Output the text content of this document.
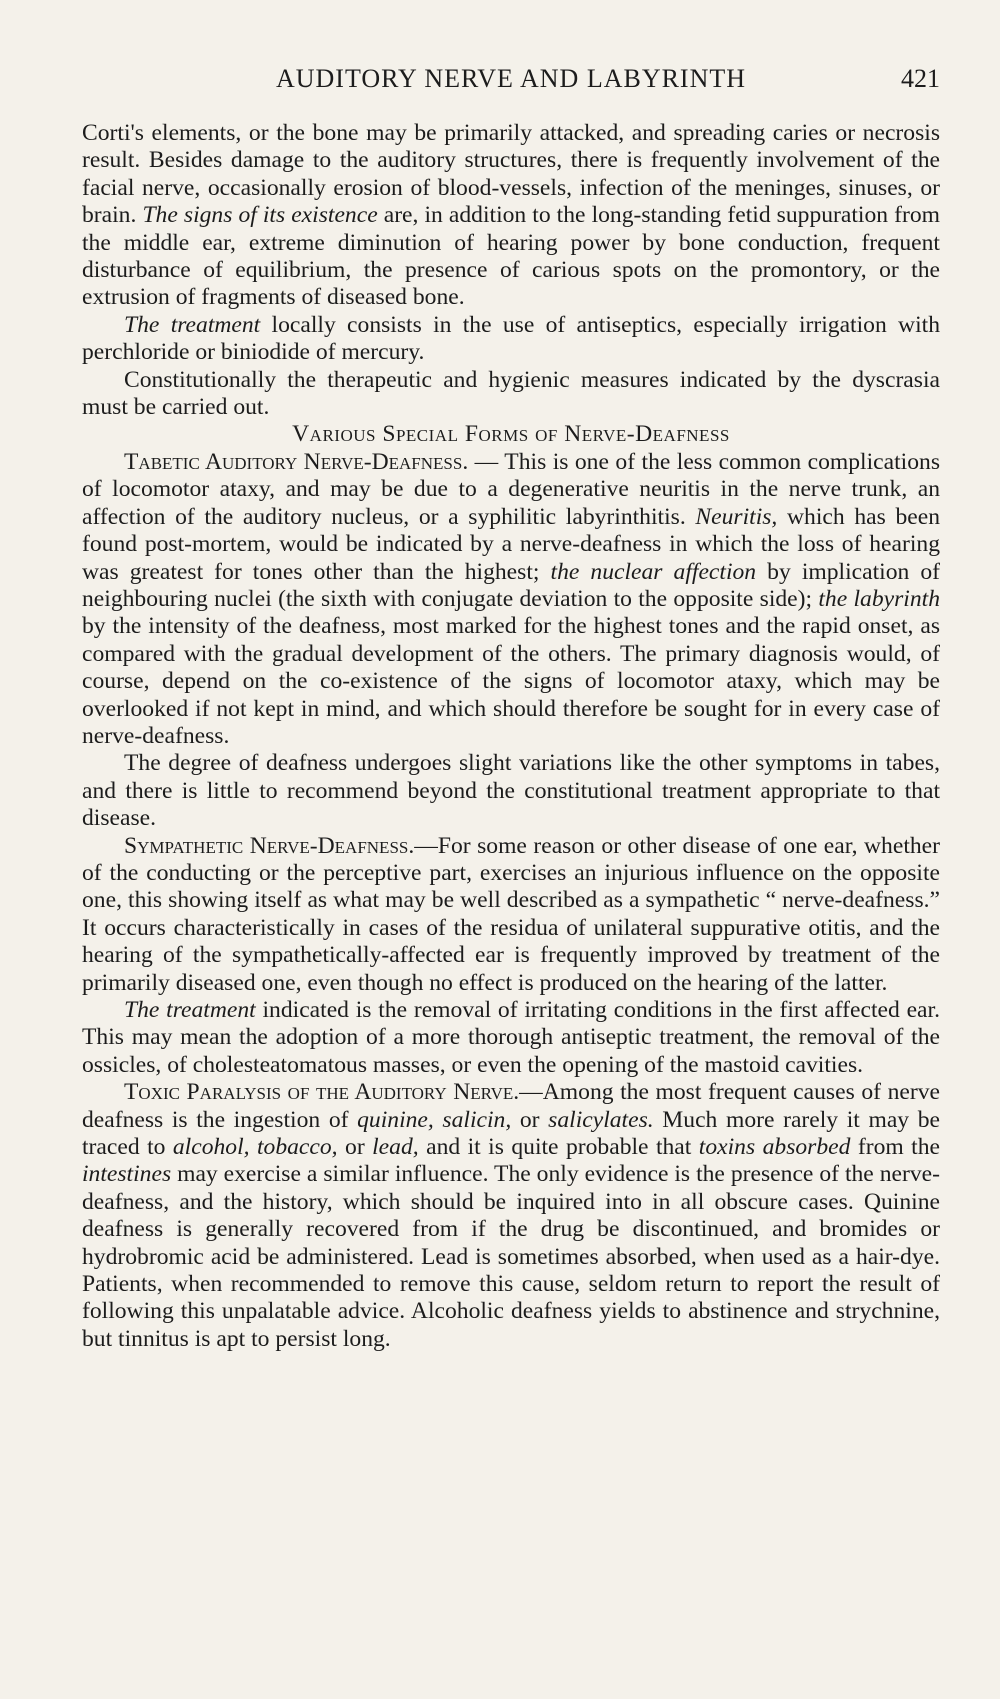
AUDITORY NERVE AND LABYRINTH	421

Corti's elements, or the bone may be primarily attacked, and spreading caries or necrosis result. Besides damage to the auditory structures, there is frequently involvement of the facial nerve, occasionally erosion of blood-vessels, infection of the meninges, sinuses, or brain. The signs of its existence are, in addition to the long-standing fetid suppuration from the middle ear, extreme diminution of hearing power by bone conduction, frequent disturbance of equilibrium, the presence of carious spots on the promontory, or the extrusion of fragments of diseased bone.

The treatment locally consists in the use of antiseptics, especially irrigation with perchloride or biniodide of mercury.

Constitutionally the therapeutic and hygienic measures indicated by the dyscrasia must be carried out.

Various Special Forms of Nerve-Deafness

Tabetic Auditory Nerve-Deafness. — This is one of the less common complications of locomotor ataxy, and may be due to a degenerative neuritis in the nerve trunk, an affection of the auditory nucleus, or a syphilitic labyrinthitis. Neuritis, which has been found post-mortem, would be indicated by a nerve-deafness in which the loss of hearing was greatest for tones other than the highest; the nuclear affection by implication of neighbouring nuclei (the sixth with conjugate deviation to the opposite side); the labyrinth by the intensity of the deafness, most marked for the highest tones and the rapid onset, as compared with the gradual development of the others. The primary diagnosis would, of course, depend on the co-existence of the signs of locomotor ataxy, which may be overlooked if not kept in mind, and which should therefore be sought for in every case of nerve-deafness.

The degree of deafness undergoes slight variations like the other symptoms in tabes, and there is little to recommend beyond the constitutional treatment appropriate to that disease.

Sympathetic Nerve-Deafness.—For some reason or other disease of one ear, whether of the conducting or the perceptive part, exercises an injurious influence on the opposite one, this showing itself as what may be well described as a sympathetic “ nerve-deafness.” It occurs characteristically in cases of the residua of unilateral suppurative otitis, and the hearing of the sympathetically-affected ear is frequently improved by treatment of the primarily diseased one, even though no effect is produced on the hearing of the latter.

The treatment indicated is the removal of irritating conditions in the first affected ear. This may mean the adoption of a more thorough antiseptic treatment, the removal of the ossicles, of cholesteatomatous masses, or even the opening of the mastoid cavities.

Toxic Paralysis of the Auditory Nerve.—Among the most frequent causes of nerve deafness is the ingestion of quinine, salicin, or salicylates. Much more rarely it may be traced to alcohol, tobacco, or lead, and it is quite probable that toxins absorbed from the intestines may exercise a similar influence. The only evidence is the presence of the nerve-deafness, and the history, which should be inquired into in all obscure cases. Quinine deafness is generally recovered from if the drug be discontinued, and bromides or hydrobromic acid be administered. Lead is sometimes absorbed, when used as a hair-dye. Patients, when recommended to remove this cause, seldom return to report the result of following this unpalatable advice. Alcoholic deafness yields to abstinence and strychnine, but tinnitus is apt to persist long.
